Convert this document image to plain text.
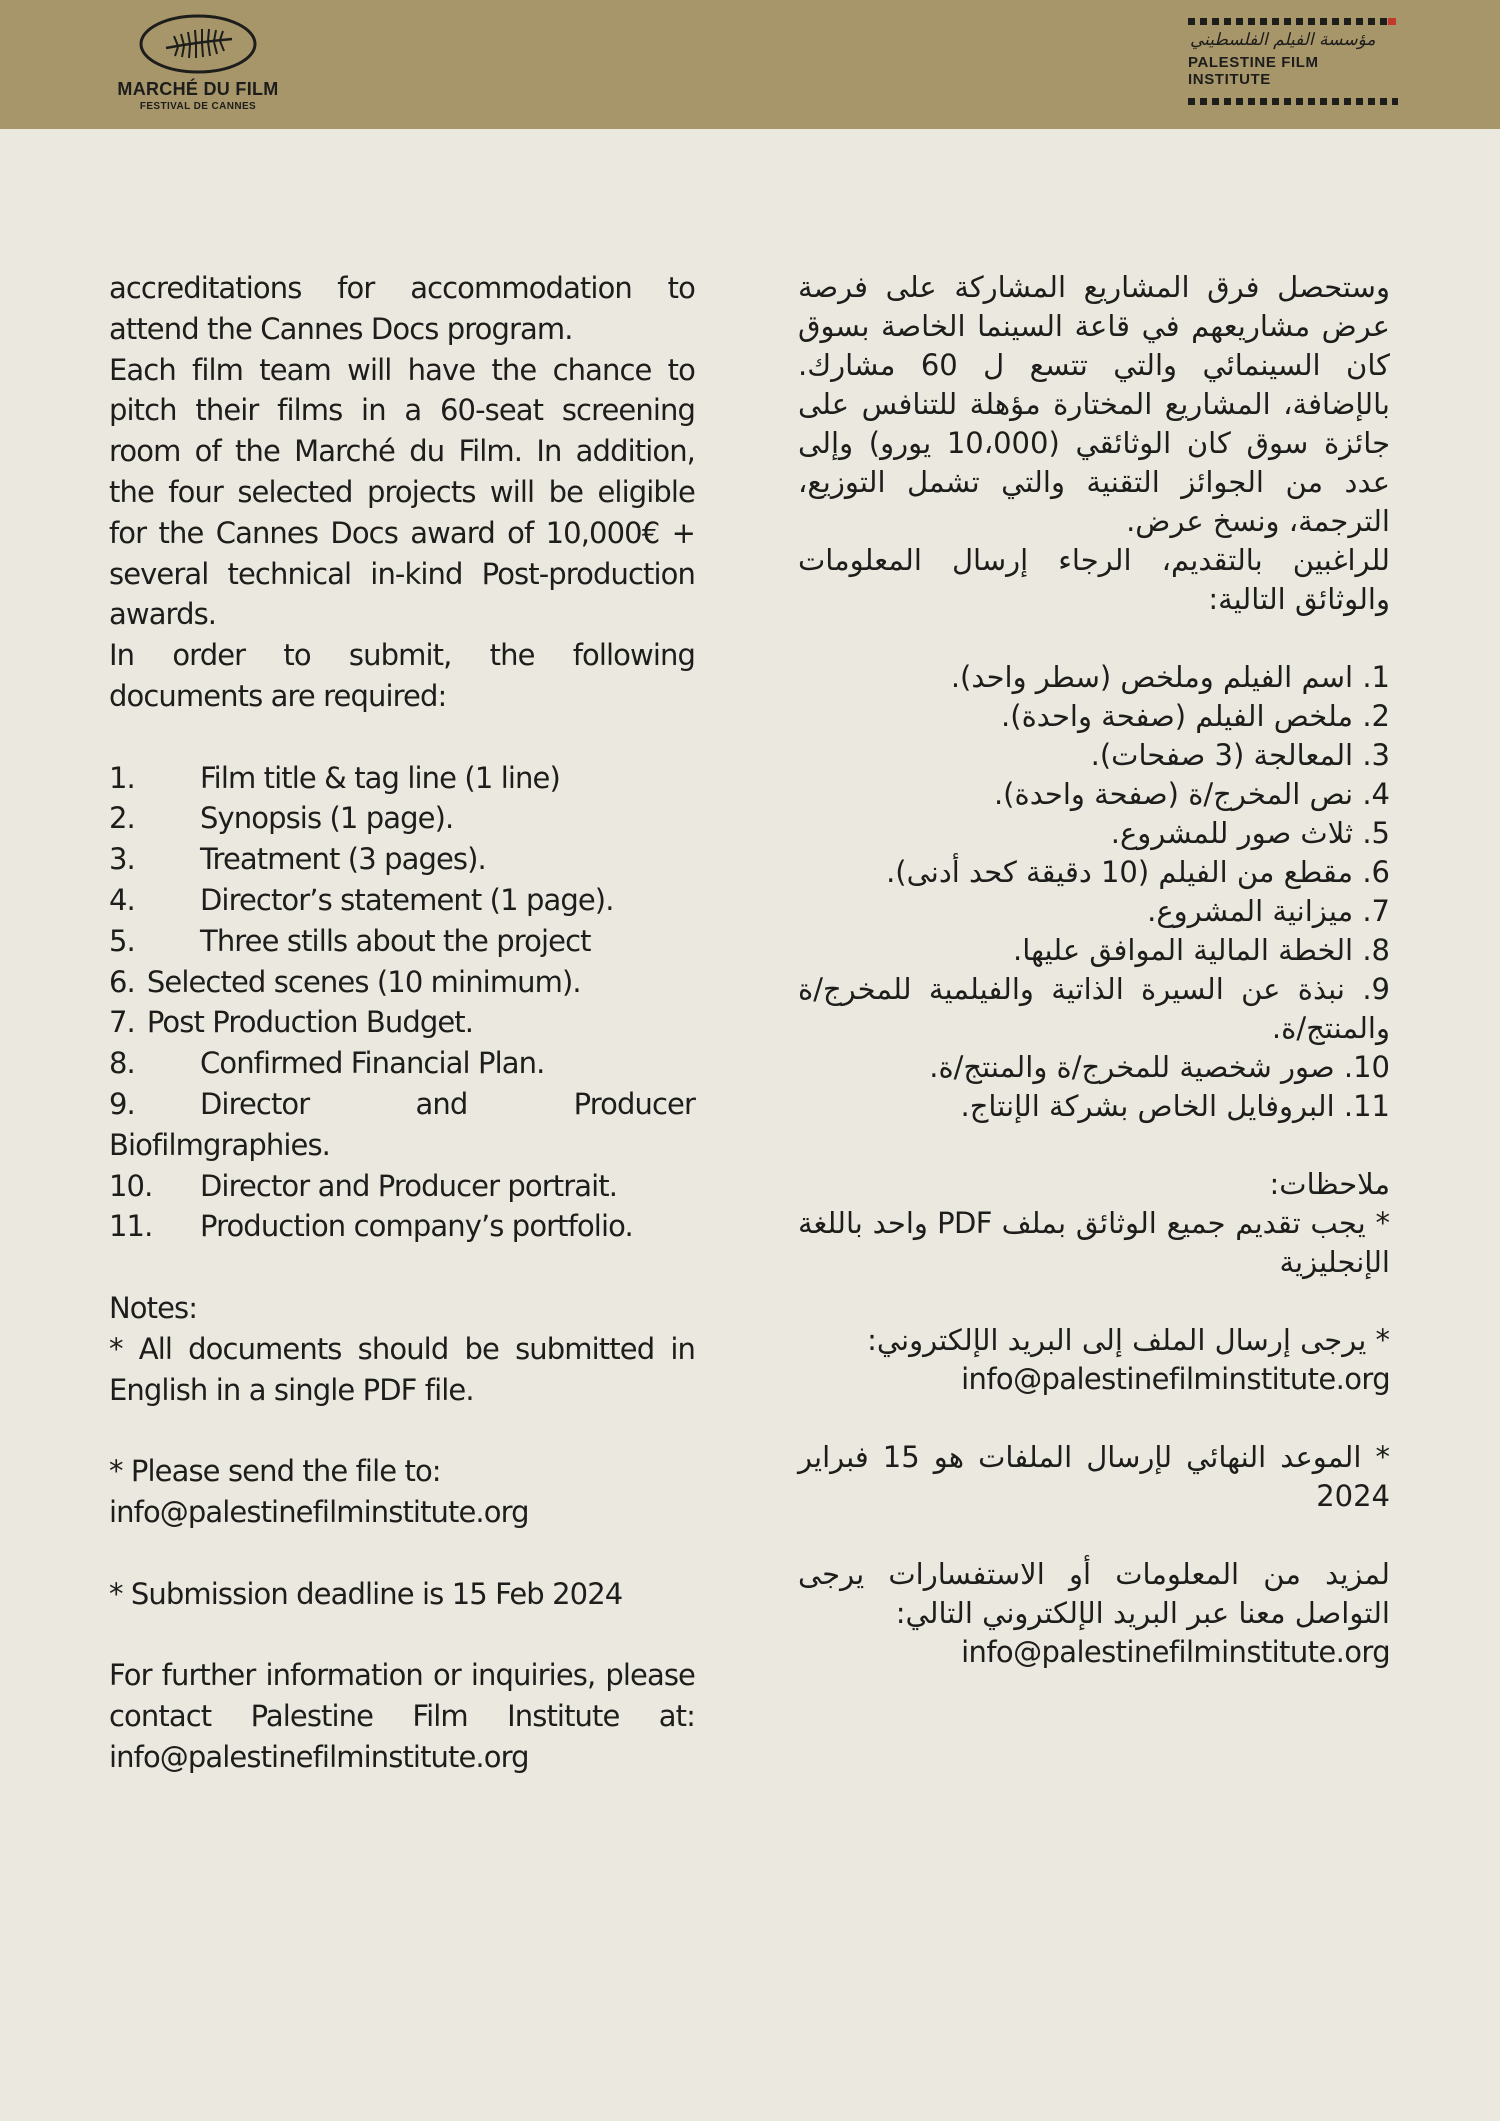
MARCHÉ DU FILM
FESTIVAL DE CANNES
مؤسسة الفيلم الفلسطيني
PALESTINE FILM INSTITUTE

accreditations for accommodation to attend the Cannes Docs program.

Each film team will have the chance to pitch their films in a 60-seat screening room of the Marché du Film. In addition, the four selected projects will be eligible for the Cannes Docs award of 10,000€ + several technical in-kind Post-production awards.

In order to submit, the following documents are required:

1.	Film title & tag line (1 line)
2.	Synopsis (1 page).
3.	Treatment (3 pages).
4.	Director’s statement (1 page).
5.	Three stills about the project
6. Selected scenes (10 minimum).
7. Post Production Budget.
8.	Confirmed Financial Plan.
9.	Director and Producer
Biofilmgraphies.
10.	Director and Producer portrait.
11.	Production company’s portfolio.

Notes:

* All documents should be submitted in English in a single PDF file.

* Please send the file to:

info@palestinefilminstitute.org

* Submission deadline is 15 Feb 2024

For further information or inquiries, please contact Palestine Film Institute at: info@palestinefilminstitute.org

وستحصل فرق المشاريع المشاركة على فرصة عرض مشاريعهم في قاعة السينما الخاصة بسوق كان السينمائي والتي تتسع ل 60 مشارك. بالإضافة، المشاريع المختارة مؤهلة للتنافس على جائزة سوق كان الوثائقي (10،000 يورو) وإلى عدد من الجوائز التقنية والتي تشمل التوزيع، الترجمة، ونسخ عرض.

للراغبين بالتقديم، الرجاء إرسال المعلومات والوثائق التالية:

1. اسم الفيلم وملخص (سطر واحد).
2. ملخص الفيلم (صفحة واحدة).
3. المعالجة (3 صفحات).
4. نص المخرج/ة (صفحة واحدة).
5. ثلاث صور للمشروع.
6. مقطع من الفيلم (10 دقيقة كحد أدنى).
7. ميزانية المشروع.
8. الخطة المالية الموافق عليها.

9. نبذة عن السيرة الذاتية والفيلمية للمخرج/ة والمنتج/ة.

10. صور شخصية للمخرج/ة والمنتج/ة.
11. البروفايل الخاص بشركة الإنتاج.

ملاحظات:

* يجب تقديم جميع الوثائق بملف PDF واحد باللغة الإنجليزية

* يرجى إرسال الملف إلى البريد الإلكتروني:

info@palestinefilminstitute.org

* الموعد النهائي لإرسال الملفات هو 15 فبراير 2024

لمزيد من المعلومات أو الاستفسارات يرجى التواصل معنا عبر البريد الإلكتروني التالي:

info@palestinefilminstitute.org
